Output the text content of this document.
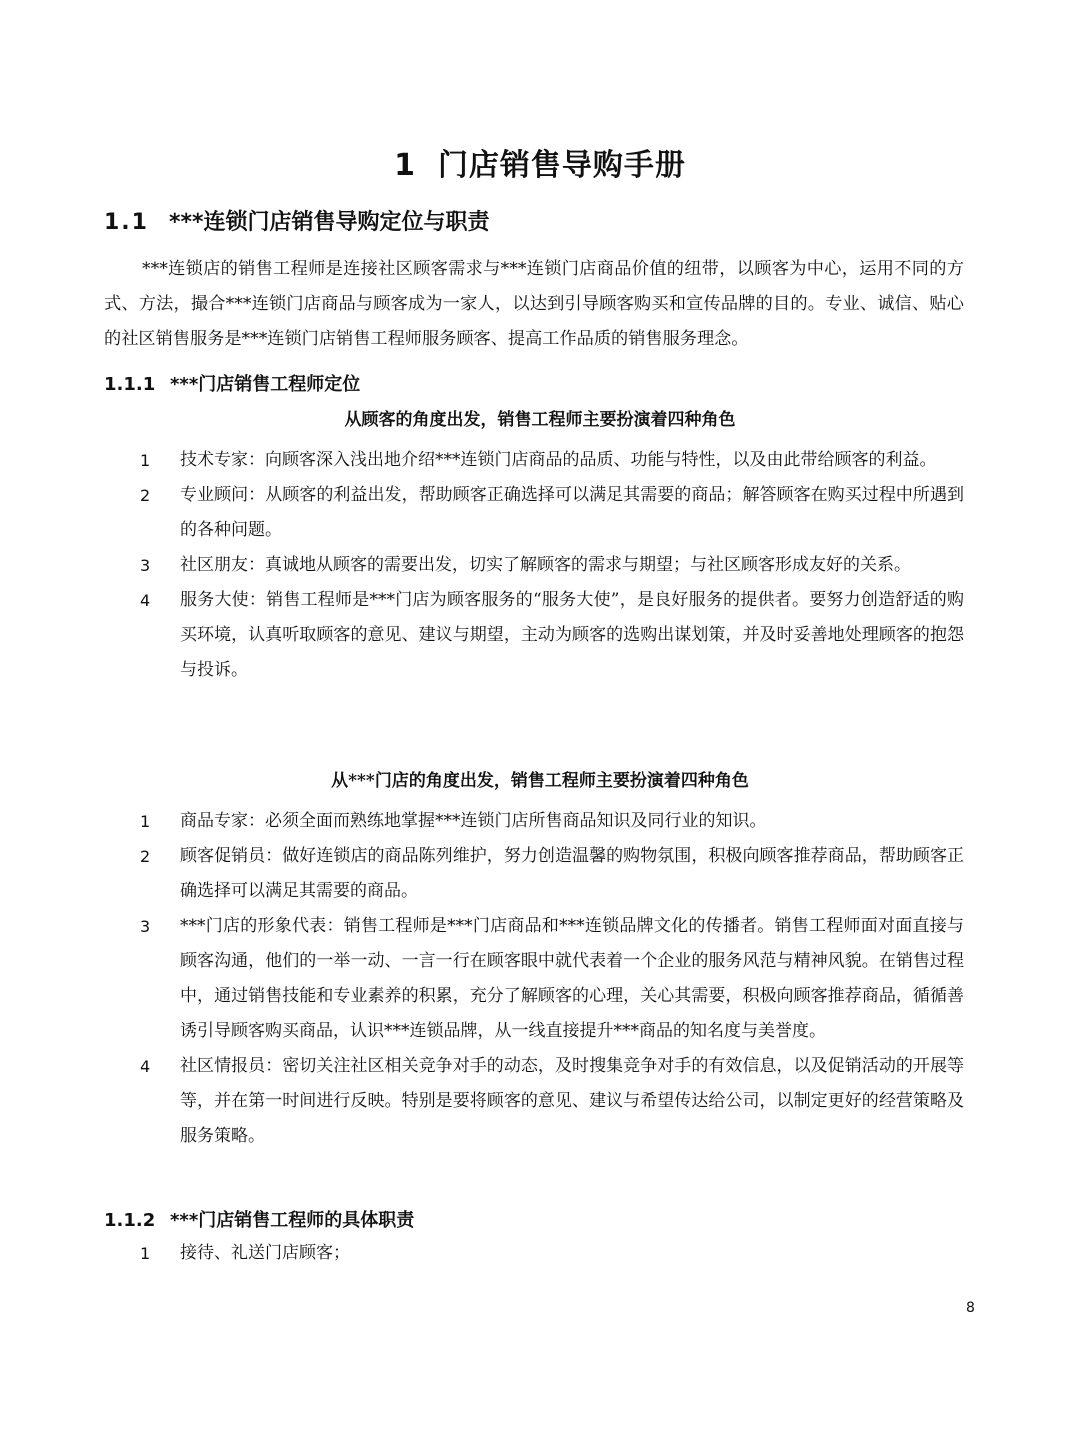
1 门店销售导购手册
1.1 ***连锁门店销售导购定位与职责

***连锁店的销售工程师是连接社区顾客需求与***连锁门店商品价值的纽带，以顾客为中心，运用不同的方式、方法，撮合***连锁门店商品与顾客成为一家人，以达到引导顾客购买和宣传品牌的目的。专业、诚信、贴心的社区销售服务是***连锁门店销售工程师服务顾客、提高工作品质的销售服务理念。

1.1.1 ***门店销售工程师定位
从顾客的角度出发，销售工程师主要扮演着四种角色
1 技术专家：向顾客深入浅出地介绍***连锁门店商品的品质、功能与特性，以及由此带给顾客的利益。
2 专业顾问：从顾客的利益出发，帮助顾客正确选择可以满足其需要的商品；解答顾客在购买过程中所遇到的各种问题。
3 社区朋友：真诚地从顾客的需要出发，切实了解顾客的需求与期望；与社区顾客形成友好的关系。
4 服务大使：销售工程师是***门店为顾客服务的“服务大使”，是良好服务的提供者。要努力创造舒适的购买环境，认真听取顾客的意见、建议与期望，主动为顾客的选购出谋划策，并及时妥善地处理顾客的抱怨与投诉。
从***门店的角度出发，销售工程师主要扮演着四种角色
1 商品专家：必须全面而熟练地掌握***连锁门店所售商品知识及同行业的知识。
2 顾客促销员：做好连锁店的商品陈列维护，努力创造温馨的购物氛围，积极向顾客推荐商品，帮助顾客正确选择可以满足其需要的商品。
3 ***门店的形象代表：销售工程师是***门店商品和***连锁品牌文化的传播者。销售工程师面对面直接与顾客沟通，他们的一举一动、一言一行在顾客眼中就代表着一个企业的服务风范与精神风貌。在销售过程中，通过销售技能和专业素养的积累，充分了解顾客的心理，关心其需要，积极向顾客推荐商品，循循善诱引导顾客购买商品，认识***连锁品牌，从一线直接提升***商品的知名度与美誉度。
4 社区情报员：密切关注社区相关竞争对手的动态，及时搜集竞争对手的有效信息，以及促销活动的开展等等，并在第一时间进行反映。特别是要将顾客的意见、建议与希望传达给公司，以制定更好的经营策略及服务策略。
1.1.2 ***门店销售工程师的具体职责
1 接待、礼送门店顾客；
8
